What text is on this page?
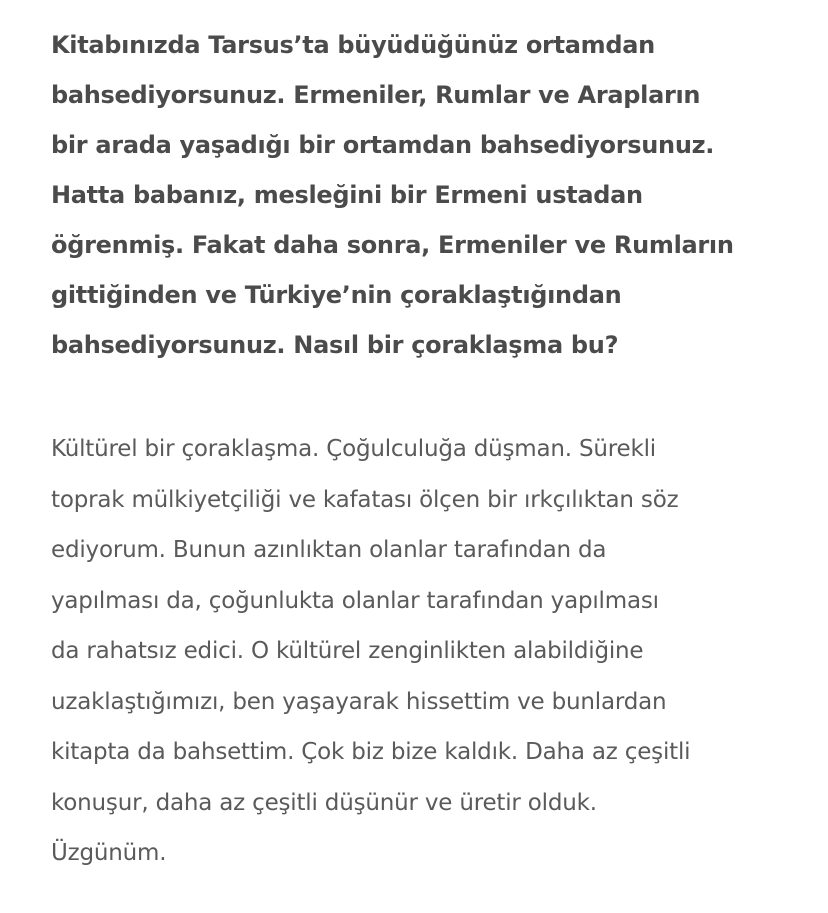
Kitabınızda Tarsus’ta büyüdüğünüz ortamdan
bahsediyorsunuz. Ermeniler, Rumlar ve Arapların
bir arada yaşadığı bir ortamdan bahsediyorsunuz.
Hatta babanız, mesleğini bir Ermeni ustadan
öğrenmiş. Fakat daha sonra, Ermeniler ve Rumların
gittiğinden ve Türkiye’nin çoraklaştığından
bahsediyorsunuz. Nasıl bir çoraklaşma bu?

Kültürel bir çoraklaşma. Çoğulculuğa düşman. Sürekli
toprak mülkiyetçiliği ve kafatası ölçen bir ırkçılıktan söz
ediyorum. Bunun azınlıktan olanlar tarafından da
yapılması da, çoğunlukta olanlar tarafından yapılması
da rahatsız edici. O kültürel zenginlikten alabildiğine
uzaklaştığımızı, ben yaşayarak hissettim ve bunlardan
kitapta da bahsettim. Çok biz bize kaldık. Daha az çeşitli
konuşur, daha az çeşitli düşünür ve üretir olduk.
Üzgünüm.
